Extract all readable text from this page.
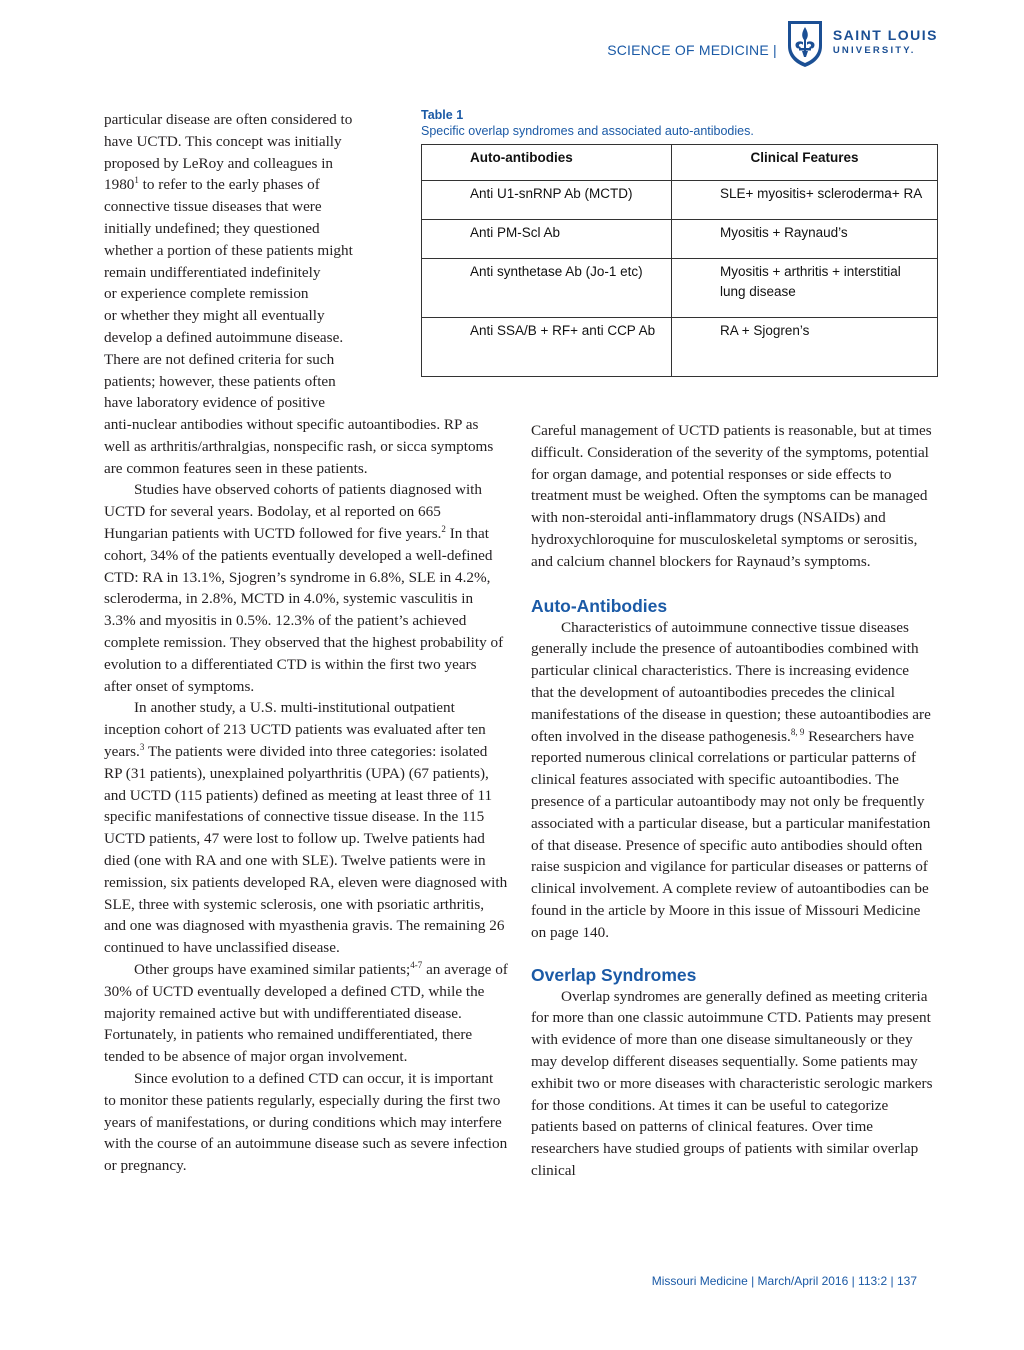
SCIENCE OF MEDICINE |
SAINT LOUIS
UNIVERSITY.
Table 1
Specific overlap syndromes and associated auto-antibodies.
Auto-antibodies	Clinical Features
Anti U1-snRNP Ab (MCTD)	SLE+ myositis+ scleroderma+ RA
Anti PM-Scl Ab	Myositis + Raynaud’s
Anti synthetase Ab (Jo-1 etc)	Myositis + arthritis + interstitial lung disease
Anti SSA/B + RF+ anti CCP Ab	RA + Sjogren’s
particular disease are often considered to
have UCTD. This concept was initially
proposed by LeRoy and colleagues in
1980$^1$ to refer to the early phases of
connective tissue diseases that were
initially undefined; they questioned
whether a portion of these patients might
remain undifferentiated indefinitely
or experience complete remission
or whether they might all eventually
develop a defined autoimmune disease.
There are not defined criteria for such
patients; however, these patients often
have laboratory evidence of positive

anti-nuclear antibodies without specific autoantibodies. RP as well as arthritis/arthralgias, nonspecific rash, or sicca symptoms are common features seen in these patients.

Studies have observed cohorts of patients diagnosed with UCTD for several years. Bodolay, et al reported on 665 Hungarian patients with UCTD followed for five years.$^2$ In that cohort, 34% of the patients eventually developed a well-defined CTD: RA in 13.1%, Sjogren’s syndrome in 6.8%, SLE in 4.2%, scleroderma, in 2.8%, MCTD in 4.0%, systemic vasculitis in 3.3% and myositis in 0.5%. 12.3% of the patient’s achieved complete remission. They observed that the highest probability of evolution to a differentiated CTD is within the first two years after onset of symptoms.

In another study, a U.S. multi-institutional outpatient inception cohort of 213 UCTD patients was evaluated after ten years.$^3$ The patients were divided into three categories: isolated RP (31 patients), unexplained polyarthritis (UPA) (67 patients), and UCTD (115 patients) defined as meeting at least three of 11 specific manifestations of connective tissue disease. In the 115 UCTD patients, 47 were lost to follow up. Twelve patients had died (one with RA and one with SLE). Twelve patients were in remission, six patients developed RA, eleven were diagnosed with SLE, three with systemic sclerosis, one with psoriatic arthritis, and one was diagnosed with myasthenia gravis. The remaining 26 continued to have unclassified disease.

Other groups have examined similar patients;$^{4-7}$ an average of 30% of UCTD eventually developed a defined CTD, while the majority remained active but with undifferentiated disease. Fortunately, in patients who remained undifferentiated, there tended to be absence of major organ involvement.

Since evolution to a defined CTD can occur, it is important to monitor these patients regularly, especially during the first two years of manifestations, or during conditions which may interfere with the course of an autoimmune disease such as severe infection or pregnancy.

Careful management of UCTD patients is reasonable, but at times difficult. Consideration of the severity of the symptoms, potential for organ damage, and potential responses or side effects to treatment must be weighed. Often the symptoms can be managed with non-steroidal anti-inflammatory drugs (NSAIDs) and hydroxychloroquine for musculoskeletal symptoms or serositis, and calcium channel blockers for Raynaud’s symptoms.

Auto-Antibodies

Characteristics of autoimmune connective tissue diseases generally include the presence of autoantibodies combined with particular clinical characteristics. There is increasing evidence that the development of autoantibodies precedes the clinical manifestations of the disease in question; these autoantibodies are often involved in the disease pathogenesis.$^{8, 9}$ Researchers have reported numerous clinical correlations or particular patterns of clinical features associated with specific autoantibodies. The presence of a particular autoantibody may not only be frequently associated with a particular disease, but a particular manifestation of that disease. Presence of specific auto antibodies should often raise suspicion and vigilance for particular diseases or patterns of clinical involvement. A complete review of autoantibodies can be found in the article by Moore in this issue of Missouri Medicine on page 140.

Overlap Syndromes

Overlap syndromes are generally defined as meeting criteria for more than one classic autoimmune CTD. Patients may present with evidence of more than one disease simultaneously or they may develop different diseases sequentially. Some patients may exhibit two or more diseases with characteristic serologic markers for those conditions. At times it can be useful to categorize patients based on patterns of clinical features. Over time researchers have studied groups of patients with similar overlap clinical

Missouri Medicine | March/April 2016 | 113:2 | 137
